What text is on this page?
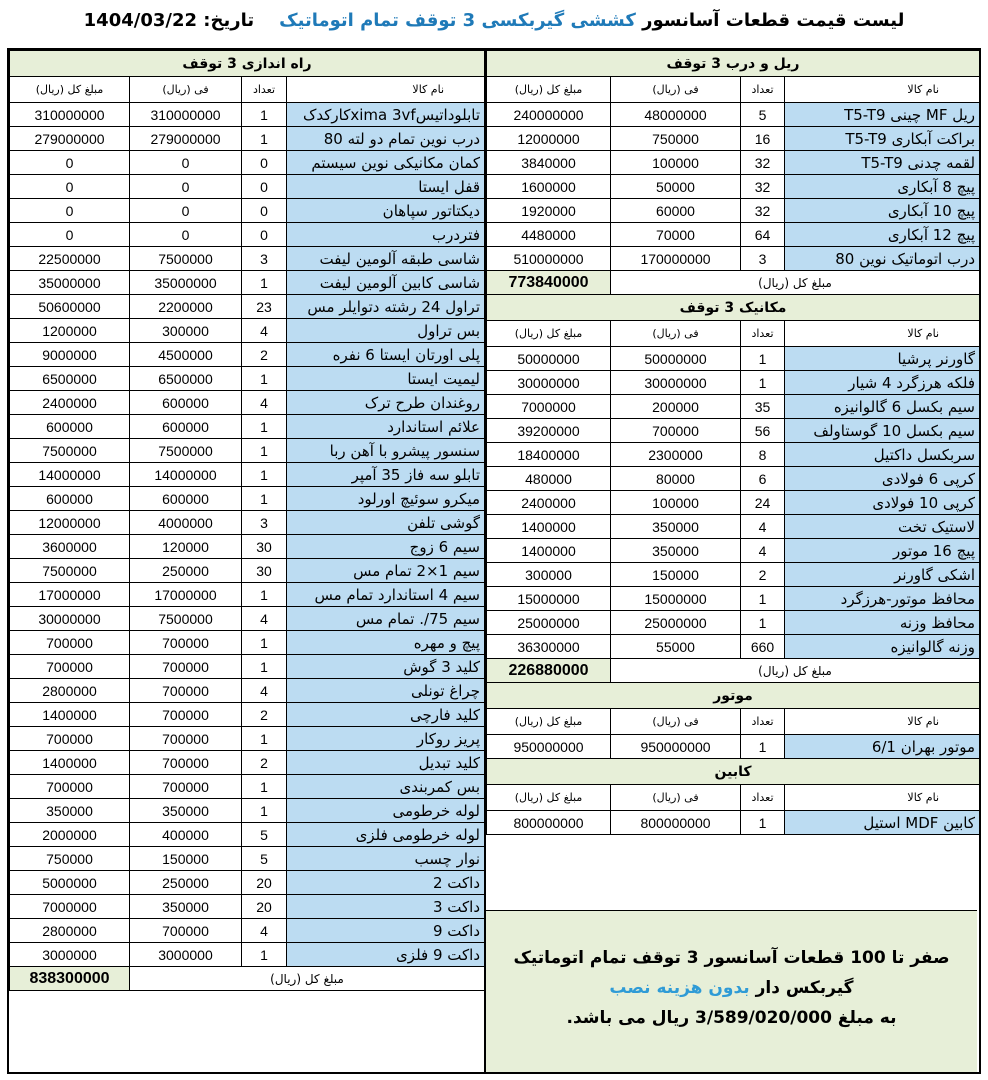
لیست قیمت قطعات آسانسور کششی گیربکسی 3 توقف تمام اتوماتیک    تاریخ: 1404/03/22
راه اندازی 3 توقف			
مبلغ کل (ریال)	فی (ریال)	تعداد	نام کالا
310000000	310000000	1	تابلوداتیسxima 3vfکارکدک
279000000	279000000	1	درب نوین تمام دو لته 80
0	0	0	کمان مکانیکی نوین سیستم
0	0	0	قفل ایستا
0	0	0	دیکتاتور سپاهان
0	0	0	فتردرب
22500000	7500000	3	شاسی طبقه آلومین لیفت
35000000	35000000	1	شاسی کابین آلومین لیفت
50600000	2200000	23	تراول 24 رشته دتوایلر مس
1200000	300000	4	بس تراول
9000000	4500000	2	پلی اورتان ایستا 6 نفره
6500000	6500000	1	لیمیت ایستا
2400000	600000	4	روغندان طرح ترک
600000	600000	1	علائم استاندارد
7500000	7500000	1	سنسور پیشرو با آهن ربا
14000000	14000000	1	تابلو سه فاز 35 آمپر
600000	600000	1	میکرو سوئیچ اورلود
12000000	4000000	3	گوشی تلفن
3600000	120000	30	سیم 6 زوج
7500000	250000	30	سیم 1×2 تمام مس
17000000	17000000	1	سیم 4 استاندارد تمام مس
30000000	7500000	4	سیم 75/. تمام مس
700000	700000	1	پیچ و مهره
700000	700000	1	کلید 3 گوش
2800000	700000	4	چراغ تونلی
1400000	700000	2	کلید فارچی
700000	700000	1	پریز روکار
1400000	700000	2	کلید تبدیل
700000	700000	1	بس کمربندی
350000	350000	1	لوله خرطومی
2000000	400000	5	لوله خرطومی فلزی
750000	150000	5	نوار چسب
5000000	250000	20	داکت 2
7000000	350000	20	داکت 3
2800000	700000	4	داکت 9
3000000	3000000	1	داکت 9 فلزی
838300000	مبلغ کل (ریال)		
ریل و درب 3 توقف			
مبلغ کل (ریال)	فی (ریال)	تعداد	نام کالا
240000000	48000000	5	ریل MF چینی T5-T9
12000000	750000	16	براکت آبکاری T5-T9
3840000	100000	32	لقمه چدنی T5-T9
1600000	50000	32	پیچ 8 آبکاری
1920000	60000	32	پیچ 10 آبکاری
4480000	70000	64	پیچ 12 آبکاری
510000000	170000000	3	درب اتوماتیک نوین 80
773840000	مبلغ کل (ریال)		
مکانیک 3 توقف			
مبلغ کل (ریال)	فی (ریال)	تعداد	نام کالا
50000000	50000000	1	گاورنر پرشیا
30000000	30000000	1	فلکه هرزگرد 4 شیار
7000000	200000	35	سیم بکسل 6 گالوانیزه
39200000	700000	56	سیم بکسل 10 گوستاولف
18400000	2300000	8	سربکسل داکتیل
480000	80000	6	کرپی 6 فولادی
2400000	100000	24	کرپی 10 فولادی
1400000	350000	4	لاستیک تخت
1400000	350000	4	پیچ 16 موتور
300000	150000	2	اشکی گاورنر
15000000	15000000	1	محافظ موتور-هرزگرد
25000000	25000000	1	محافظ وزنه
36300000	55000	660	وزنه گالوانیزه
226880000	مبلغ کل (ریال)		
موتور			
مبلغ کل (ریال)	فی (ریال)	تعداد	نام کالا
950000000	950000000	1	موتور بهران 6/1
کابین			
مبلغ کل (ریال)	فی (ریال)	تعداد	نام کالا
800000000	800000000	1	کابین MDF استیل
صفر تا 100 قطعات آسانسور 3 توقف تمام اتوماتیک
گیربکس دار بدون هزینه نصب
به مبلغ 3/589/020/000 ریال می باشد.
